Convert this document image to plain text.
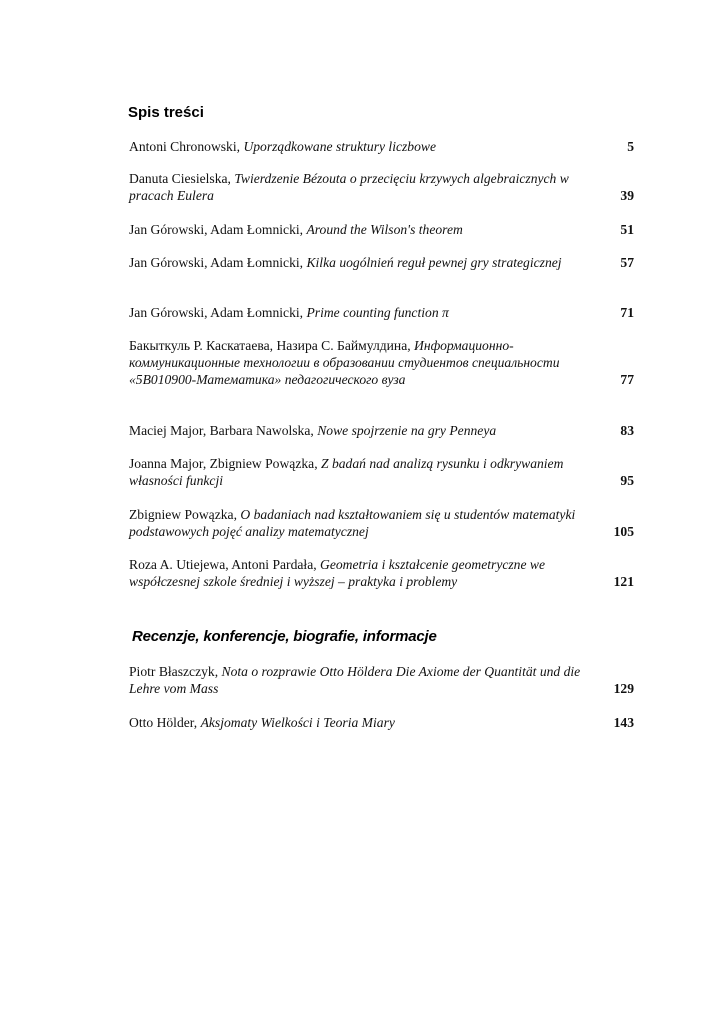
Spis treści
Antoni Chronowski, Uporządkowane struktury liczbowe	5
Danuta Ciesielska, Twierdzenie Bézouta o przecięciu krzywych algebraicznych w pracach Eulera	39
Jan Górowski, Adam Łomnicki, Around the Wilson's theorem	51
Jan Górowski, Adam Łomnicki, Kilka uogólnień reguł pewnej gry strategicznej	57
Jan Górowski, Adam Łomnicki, Prime counting function π	71
Бакыткуль Р. Каскатаева, Назира С. Баймулдина, Информационно-коммуникационные технологии в образовании студиентов специальности «5В010900-Математика» педагогического вуза	77
Maciej Major, Barbara Nawolska, Nowe spojrzenie na gry Penneya	83
Joanna Major, Zbigniew Powązka, Z badań nad analizą rysunku i odkrywaniem własności funkcji	95
Zbigniew Powązka, O badaniach nad kształtowaniem się u studentów matematyki podstawowych pojęć analizy matematycznej	105
Roza A. Utiejewa, Antoni Pardała, Geometria i kształcenie geometryczne we współczesnej szkole średniej i wyższej – praktyka i problemy	121
Recenzje, konferencje, biografie, informacje
Piotr Błaszczyk, Nota o rozprawie Otto Höldera Die Axiome der Quantität und die Lehre vom Mass	129
Otto Hölder, Aksjomaty Wielkości i Teoria Miary	143
